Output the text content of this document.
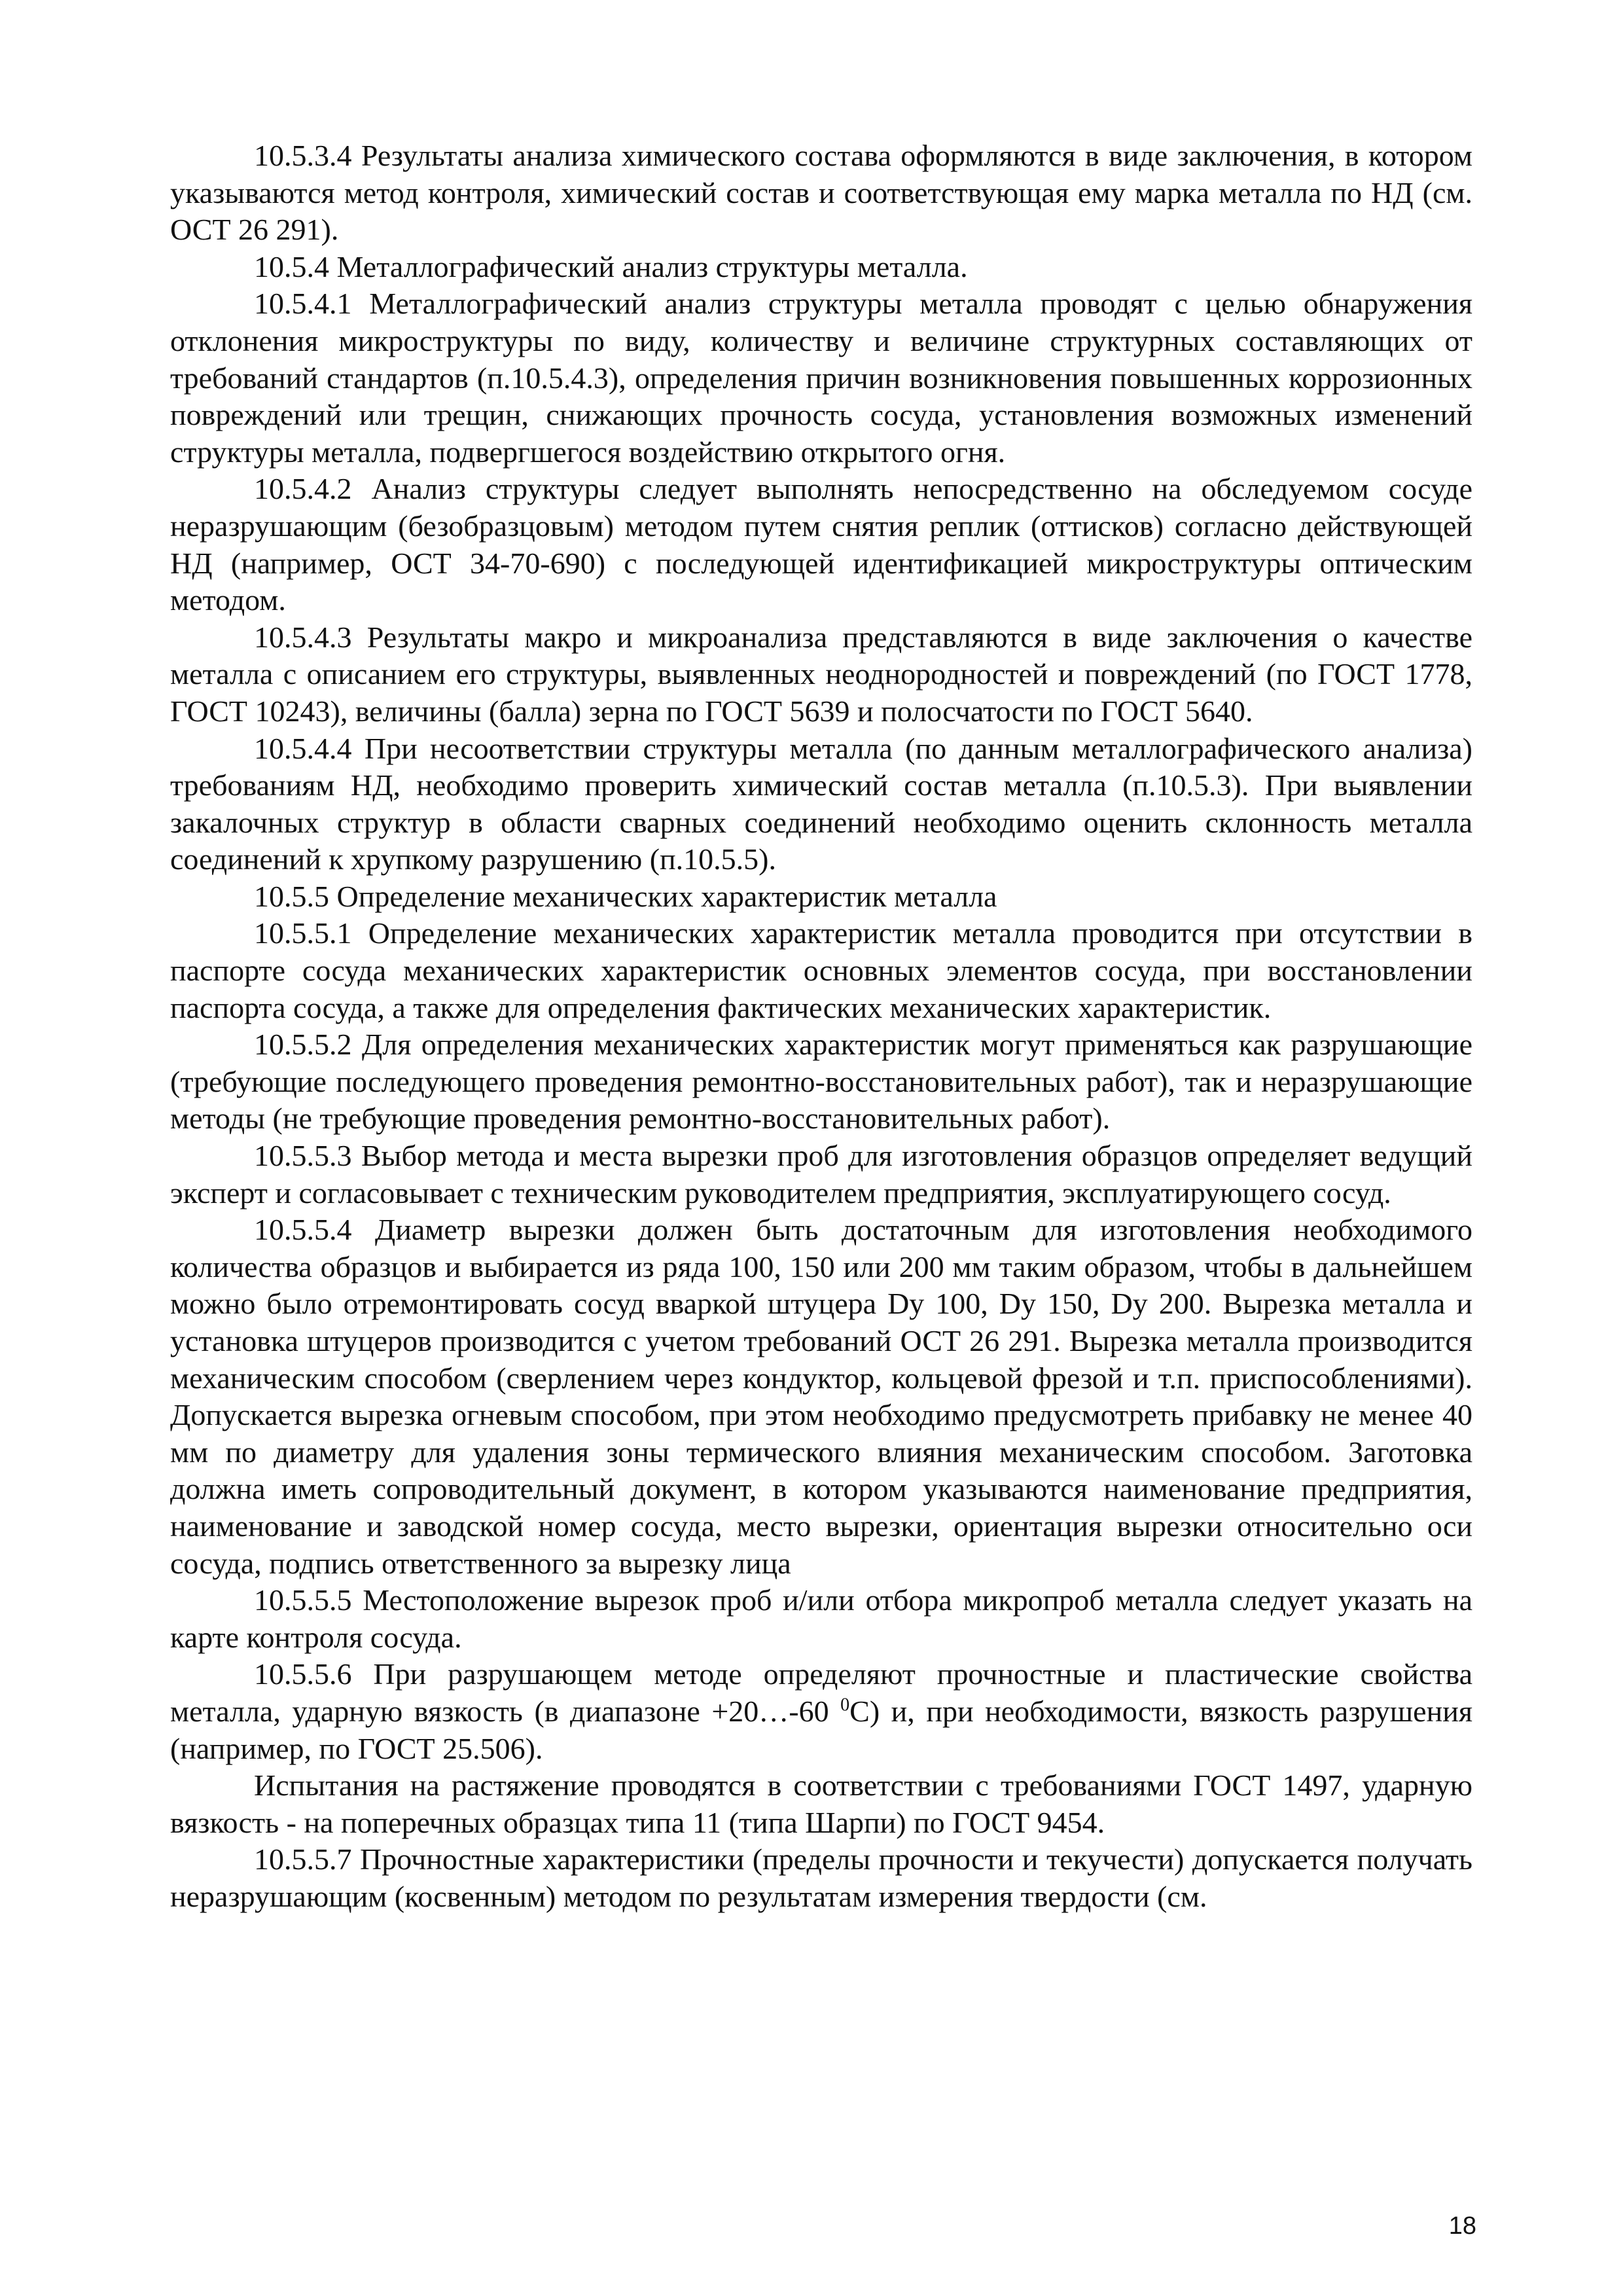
10.5.3.4 Результаты анализа химического состава оформляются в виде заключения, в котором указываются метод контроля, химический состав и соответствующая ему марка металла по НД (см. ОСТ 26 291).

10.5.4 Металлографический анализ структуры металла.

10.5.4.1 Металлографический анализ структуры металла проводят с целью обнаружения отклонения микроструктуры по виду, количеству и величине структурных составляющих от требований стандартов (п.10.5.4.3), определения причин возникновения повышенных коррозионных повреждений или трещин, снижающих прочность сосуда, установления возможных изменений структуры металла, подвергшегося воздействию открытого огня.

10.5.4.2 Анализ структуры следует выполнять непосредственно на обследуемом сосуде неразрушающим (безобразцовым) методом путем снятия реплик (оттисков) согласно действующей НД (например, ОСТ 34-70-690) с последующей идентификацией микроструктуры оптическим методом.

10.5.4.3 Результаты макро и микроанализа представляются в виде заключения о качестве металла с описанием его структуры, выявленных неоднородностей и повреждений (по ГОСТ 1778, ГОСТ 10243), величины (балла) зерна по ГОСТ 5639 и полосчатости по ГОСТ 5640.

10.5.4.4 При несоответствии структуры металла (по данным металлографического анализа) требованиям НД, необходимо проверить химический состав металла (п.10.5.3). При выявлении закалочных структур в области сварных соединений необходимо оценить склонность металла соединений к хрупкому разрушению (п.10.5.5).

10.5.5 Определение механических характеристик металла

10.5.5.1 Определение механических характеристик металла проводится при отсутствии в паспорте сосуда механических характеристик основных элементов сосуда, при восстановлении паспорта сосуда, а также для определения фактических механических характеристик.

10.5.5.2 Для определения механических характеристик могут применяться как разрушающие (требующие последующего проведения ремонтно-восстановительных работ), так и неразрушающие методы (не требующие проведения ремонтно-восстановительных работ).

10.5.5.3 Выбор метода и места вырезки проб для изготовления образцов определяет ведущий эксперт и согласовывает с техническим руководителем предприятия, эксплуатирующего сосуд.

10.5.5.4 Диаметр вырезки должен быть достаточным для изготовления необходимого количества образцов и выбирается из ряда 100, 150 или 200 мм таким образом, чтобы в дальнейшем можно было отремонтировать сосуд вваркой штуцера Dy 100, Dy 150, Dy 200. Вырезка металла и установка штуцеров производится с учетом требований ОСТ 26 291. Вырезка металла производится механическим способом (сверлением через кондуктор, кольцевой фрезой и т.п. приспособлениями). Допускается вырезка огневым способом, при этом необходимо предусмотреть прибавку не менее 40 мм по диаметру для удаления зоны термического влияния механическим способом. Заготовка должна иметь сопроводительный документ, в котором указываются наименование предприятия, наименование и заводской номер сосуда, место вырезки, ориентация вырезки относительно оси сосуда, подпись ответственного за вырезку лица

10.5.5.5 Местоположение вырезок проб и/или отбора микропроб металла следует указать на карте контроля сосуда.

10.5.5.6 При разрушающем методе определяют прочностные и пластические свойства металла, ударную вязкость (в диапазоне +20…-60 $^0$С) и, при необходимости, вязкость разрушения (например, по ГОСТ 25.506).

Испытания на растяжение проводятся в соответствии с требованиями ГОСТ 1497, ударную вязкость - на поперечных образцах типа 11 (типа Шарпи) по ГОСТ 9454.

10.5.5.7 Прочностные характеристики (пределы прочности и текучести) допускается получать неразрушающим (косвенным) методом по результатам измерения твердости (см.

18
